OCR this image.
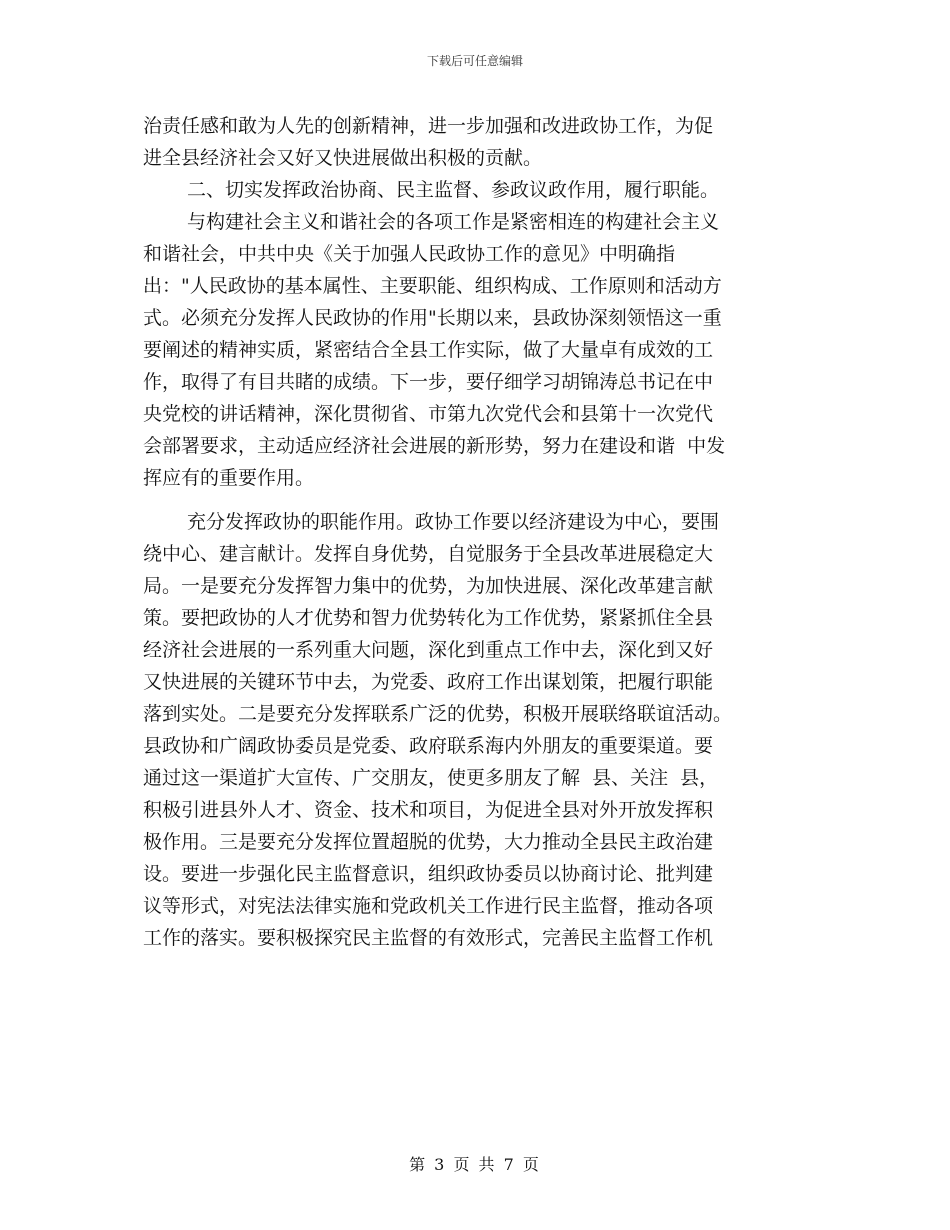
下载后可任意编辑
治责任感和敢为人先的创新精神，进一步加强和改进政协工作，为促
进全县经济社会又好又快进展做出积极的贡献。
二、切实发挥政治协商、民主监督、参政议政作用，履行职能。
与构建社会主义和谐社会的各项工作是紧密相连的构建社会主义
和谐社会，中共中央《关于加强人民政协工作的意见》中明确指
出："人民政协的基本属性、主要职能、组织构成、工作原则和活动方
式。必须充分发挥人民政协的作用"长期以来，县政协深刻领悟这一重
要阐述的精神实质，紧密结合全县工作实际，做了大量卓有成效的工
作，取得了有目共睹的成绩。下一步，要仔细学习胡锦涛总书记在中
央党校的讲话精神，深化贯彻省、市第九次党代会和县第十一次党代
会部署要求，主动适应经济社会进展的新形势，努力在建设和谐  中发
挥应有的重要作用。
充分发挥政协的职能作用。政协工作要以经济建设为中心，要围
绕中心、建言献计。发挥自身优势，自觉服务于全县改革进展稳定大
局。一是要充分发挥智力集中的优势，为加快进展、深化改革建言献
策。要把政协的人才优势和智力优势转化为工作优势，紧紧抓住全县
经济社会进展的一系列重大问题，深化到重点工作中去，深化到又好
又快进展的关键环节中去，为党委、政府工作出谋划策，把履行职能
落到实处。二是要充分发挥联系广泛的优势，积极开展联络联谊活动。
县政协和广阔政协委员是党委、政府联系海内外朋友的重要渠道。要
通过这一渠道扩大宣传、广交朋友，使更多朋友了解  县、关注  县，
积极引进县外人才、资金、技术和项目，为促进全县对外开放发挥积
极作用。三是要充分发挥位置超脱的优势，大力推动全县民主政治建
设。要进一步强化民主监督意识，组织政协委员以协商讨论、批判建
议等形式，对宪法法律实施和党政机关工作进行民主监督，推动各项
工作的落实。要积极探究民主监督的有效形式，完善民主监督工作机
第 3 页 共 7 页
